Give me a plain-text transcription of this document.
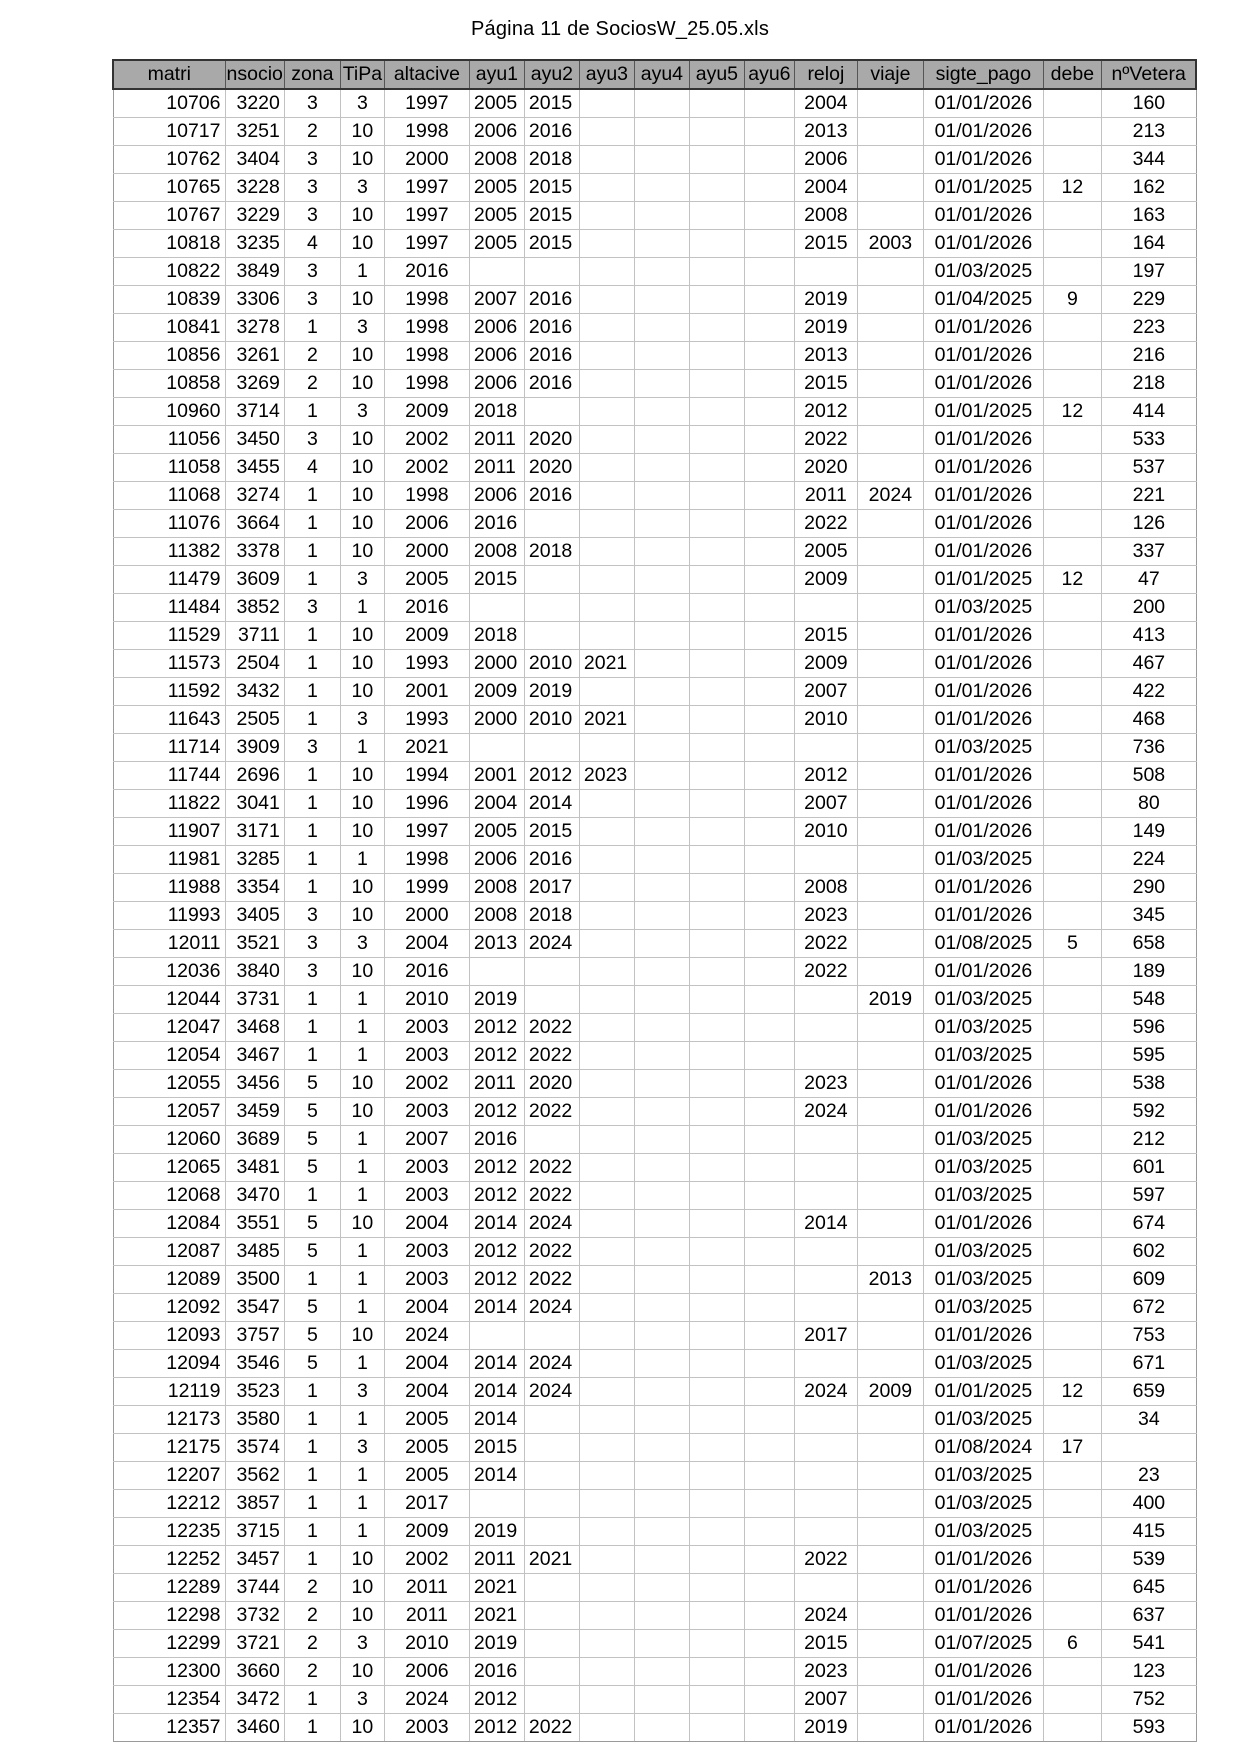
Página 11 de SociosW_25.05.xls
matri	nsocio	zona	TiPa	altacive	ayu1	ayu2	ayu3	ayu4	ayu5	ayu6	reloj	viaje	sigte_pago	debe	nºVetera
10706	3220	3	3	1997	2005	2015					2004		01/01/2026		160
10717	3251	2	10	1998	2006	2016					2013		01/01/2026		213
10762	3404	3	10	2000	2008	2018					2006		01/01/2026		344
10765	3228	3	3	1997	2005	2015					2004		01/01/2025	12	162
10767	3229	3	10	1997	2005	2015					2008		01/01/2026		163
10818	3235	4	10	1997	2005	2015					2015	2003	01/01/2026		164
10822	3849	3	1	2016									01/03/2025		197
10839	3306	3	10	1998	2007	2016					2019		01/04/2025	9	229
10841	3278	1	3	1998	2006	2016					2019		01/01/2026		223
10856	3261	2	10	1998	2006	2016					2013		01/01/2026		216
10858	3269	2	10	1998	2006	2016					2015		01/01/2026		218
10960	3714	1	3	2009	2018						2012		01/01/2025	12	414
11056	3450	3	10	2002	2011	2020					2022		01/01/2026		533
11058	3455	4	10	2002	2011	2020					2020		01/01/2026		537
11068	3274	1	10	1998	2006	2016					2011	2024	01/01/2026		221
11076	3664	1	10	2006	2016						2022		01/01/2026		126
11382	3378	1	10	2000	2008	2018					2005		01/01/2026		337
11479	3609	1	3	2005	2015						2009		01/01/2025	12	47
11484	3852	3	1	2016									01/03/2025		200
11529	3711	1	10	2009	2018						2015		01/01/2026		413
11573	2504	1	10	1993	2000	2010	2021				2009		01/01/2026		467
11592	3432	1	10	2001	2009	2019					2007		01/01/2026		422
11643	2505	1	3	1993	2000	2010	2021				2010		01/01/2026		468
11714	3909	3	1	2021									01/03/2025		736
11744	2696	1	10	1994	2001	2012	2023				2012		01/01/2026		508
11822	3041	1	10	1996	2004	2014					2007		01/01/2026		80
11907	3171	1	10	1997	2005	2015					2010		01/01/2026		149
11981	3285	1	1	1998	2006	2016							01/03/2025		224
11988	3354	1	10	1999	2008	2017					2008		01/01/2026		290
11993	3405	3	10	2000	2008	2018					2023		01/01/2026		345
12011	3521	3	3	2004	2013	2024					2022		01/08/2025	5	658
12036	3840	3	10	2016							2022		01/01/2026		189
12044	3731	1	1	2010	2019							2019	01/03/2025		548
12047	3468	1	1	2003	2012	2022							01/03/2025		596
12054	3467	1	1	2003	2012	2022							01/03/2025		595
12055	3456	5	10	2002	2011	2020					2023		01/01/2026		538
12057	3459	5	10	2003	2012	2022					2024		01/01/2026		592
12060	3689	5	1	2007	2016								01/03/2025		212
12065	3481	5	1	2003	2012	2022							01/03/2025		601
12068	3470	1	1	2003	2012	2022							01/03/2025		597
12084	3551	5	10	2004	2014	2024					2014		01/01/2026		674
12087	3485	5	1	2003	2012	2022							01/03/2025		602
12089	3500	1	1	2003	2012	2022						2013	01/03/2025		609
12092	3547	5	1	2004	2014	2024							01/03/2025		672
12093	3757	5	10	2024							2017		01/01/2026		753
12094	3546	5	1	2004	2014	2024							01/03/2025		671
12119	3523	1	3	2004	2014	2024					2024	2009	01/01/2025	12	659
12173	3580	1	1	2005	2014								01/03/2025		34
12175	3574	1	3	2005	2015								01/08/2024	17	
12207	3562	1	1	2005	2014								01/03/2025		23
12212	3857	1	1	2017									01/03/2025		400
12235	3715	1	1	2009	2019								01/03/2025		415
12252	3457	1	10	2002	2011	2021					2022		01/01/2026		539
12289	3744	2	10	2011	2021								01/01/2026		645
12298	3732	2	10	2011	2021						2024		01/01/2026		637
12299	3721	2	3	2010	2019						2015		01/07/2025	6	541
12300	3660	2	10	2006	2016						2023		01/01/2026		123
12354	3472	1	3	2024	2012						2007		01/01/2026		752
12357	3460	1	10	2003	2012	2022					2019		01/01/2026		593
